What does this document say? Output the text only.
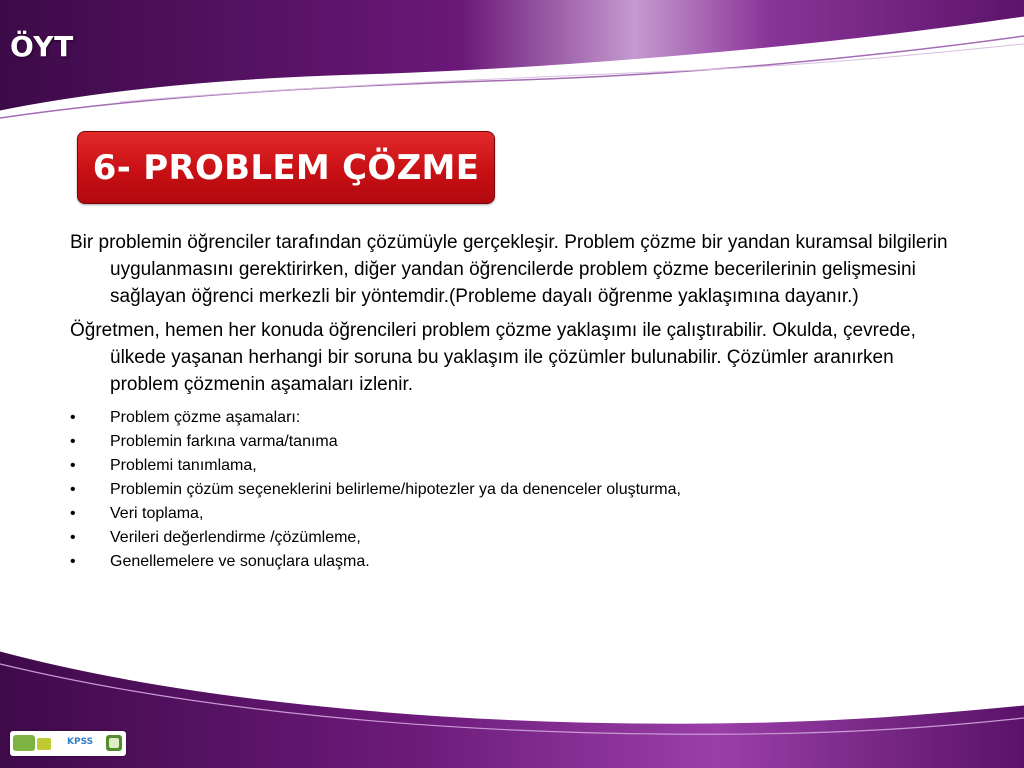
ÖYT
6- PROBLEM ÇÖZME

Bir problemin öğrenciler tarafından çözümüyle gerçekleşir. Problem çözme bir yandan kuramsal bilgilerin uygulanmasını gerektirirken, diğer yandan öğrencilerde problem çözme becerilerinin gelişmesini sağlayan öğrenci merkezli bir yöntemdir.(Probleme dayalı öğrenme yaklaşımına dayanır.)

Öğretmen, hemen her konuda öğrencileri problem çözme yaklaşımı ile çalıştırabilir. Okulda, çevrede, ülkede yaşanan herhangi bir soruna bu yaklaşım ile çözümler bulunabilir. Çözümler aranırken problem çözmenin aşamaları izlenir.

•	Problem çözme aşamaları:
•	Problemin farkına varma/tanıma
•	Problemi tanımlama,
•	Problemin çözüm seçeneklerini belirleme/hipotezler ya da denenceler oluşturma,
•	Veri toplama,
•	Verileri değerlendirme /çözümleme,
•	Genellemelere ve sonuçlara ulaşma.
KPSS
